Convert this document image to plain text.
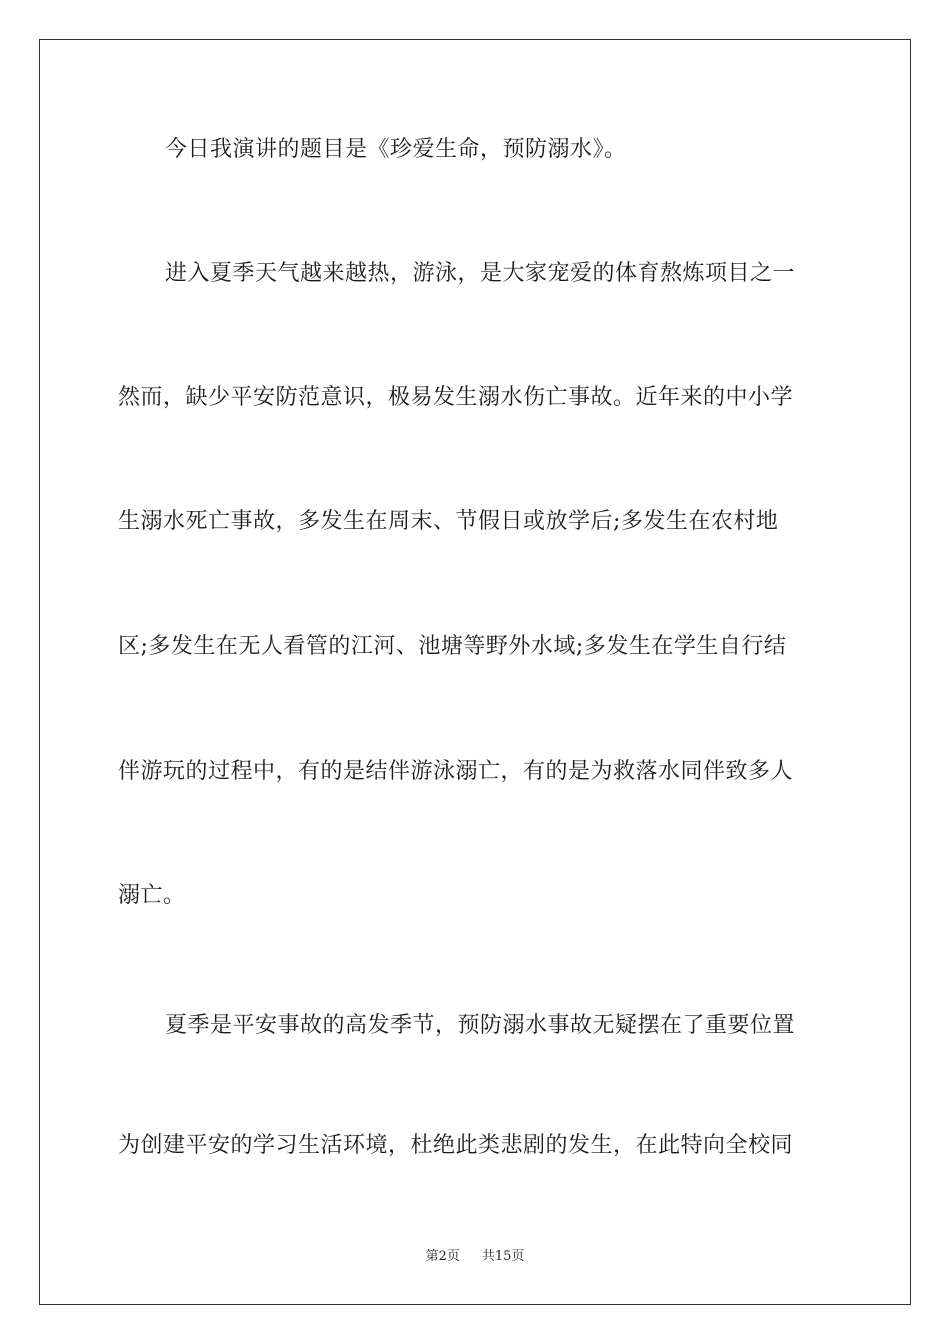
今日我演讲的题目是《珍爱生命，预防溺水》。
进入夏季天气越来越热，游泳，是大家宠爱的体育熬炼项目之一
然而，缺少平安防范意识，极易发生溺水伤亡事故。近年来的中小学
生溺水死亡事故，多发生在周末、节假日或放学后;多发生在农村地
区;多发生在无人看管的江河、池塘等野外水域;多发生在学生自行结
伴游玩的过程中，有的是结伴游泳溺亡，有的是为救落水同伴致多人
溺亡。
夏季是平安事故的高发季节，预防溺水事故无疑摆在了重要位置
为创建平安的学习生活环境，杜绝此类悲剧的发生，在此特向全校同
第2页 共15页
